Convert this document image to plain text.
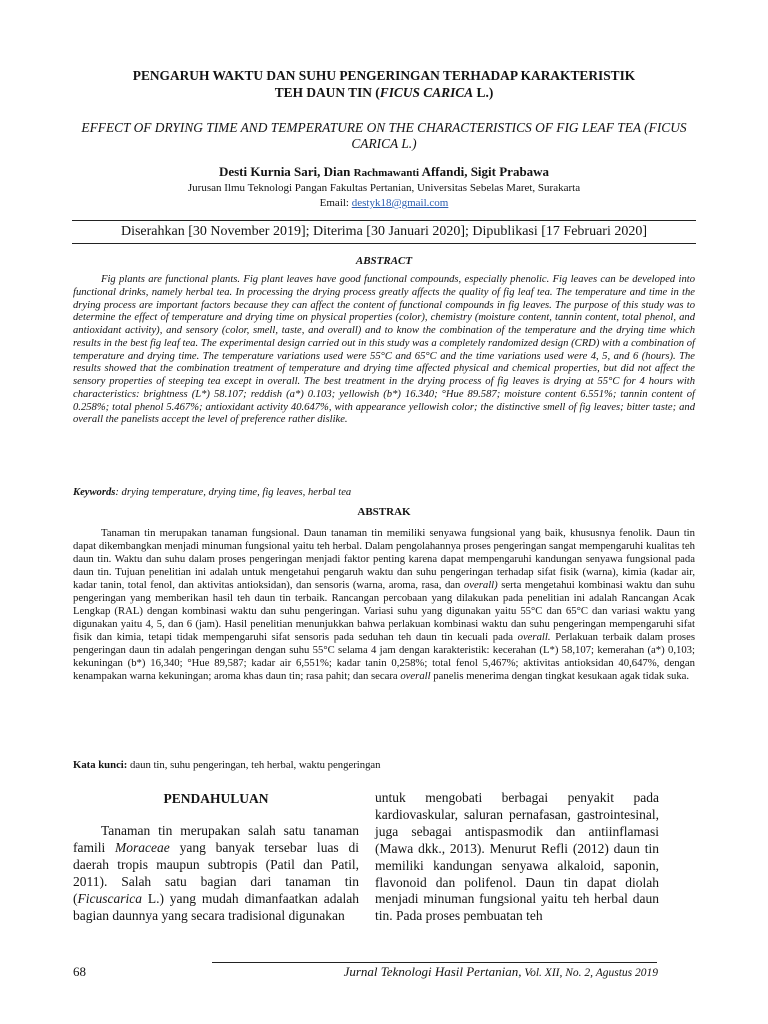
PENGARUH WAKTU DAN SUHU PENGERINGAN TERHADAP KARAKTERISTIK
TEH DAUN TIN (FICUS CARICA L.)
EFFECT OF DRYING TIME AND TEMPERATURE ON THE CHARACTERISTICS OF FIG LEAF TEA (FICUS CARICA L.)
Desti Kurnia Sari, Dian Rachmawanti Affandi, Sigit Prabawa
Jurusan Ilmu Teknologi Pangan Fakultas Pertanian, Universitas Sebelas Maret, Surakarta
Email: destyk18@gmail.com
Diserahkan [30 November 2019]; Diterima [30 Januari 2020]; Dipublikasi [17 Februari 2020]
ABSTRACT

Fig plants are functional plants. Fig plant leaves have good functional compounds, especially phenolic. Fig leaves can be developed into functional drinks, namely herbal tea. In processing the drying process greatly affects the quality of fig leaf tea. The temperature and time in the drying process are important factors because they can affect the content of functional compounds in fig leaves. The purpose of this study was to determine the effect of temperature and drying time on physical properties (color), chemistry (moisture content, tannin content, total phenol, and antioxidant activity), and sensory (color, smell, taste, and overall) and to know the combination of the temperature and the drying time which results in the best fig leaf tea. The experimental design carried out in this study was a completely randomized design (CRD) with a combination of temperature and drying time. The temperature variations used were 55°C and 65°C and the time variations used were 4, 5, and 6 (hours). The results showed that the combination treatment of temperature and drying time affected physical and chemical properties, but did not affect the sensory properties of steeping tea except in overall. The best treatment in the drying process of fig leaves is drying at 55°C for 4 hours with characteristics: brightness (L*) 58.107; reddish (a*) 0.103; yellowish (b*) 16.340; °Hue 89.587; moisture content 6.551%; tannin content of 0.258%; total phenol 5.467%; antioxidant activity 40.647%, with appearance yellowish color; the distinctive smell of fig leaves; bitter taste; and overall the panelists accept the level of preference rather dislike.

Keywords: drying temperature, drying time, fig leaves, herbal tea
ABSTRAK

Tanaman tin merupakan tanaman fungsional. Daun tanaman tin memiliki senyawa fungsional yang baik, khususnya fenolik. Daun tin dapat dikembangkan menjadi minuman fungsional yaitu teh herbal. Dalam pengolahannya proses pengeringan sangat mempengaruhi kualitas teh daun tin. Waktu dan suhu dalam proses pengeringan menjadi faktor penting karena dapat mempengaruhi kandungan senyawa fungsional pada daun tin. Tujuan penelitian ini adalah untuk mengetahui pengaruh waktu dan suhu pengeringan terhadap sifat fisik (warna), kimia (kadar air, kadar tanin, total fenol, dan aktivitas antioksidan), dan sensoris (warna, aroma, rasa, dan overall) serta mengetahui kombinasi waktu dan suhu pengeringan yang memberikan hasil teh daun tin terbaik. Rancangan percobaan yang dilakukan pada penelitian ini adalah Rancangan Acak Lengkap (RAL) dengan kombinasi waktu dan suhu pengeringan. Variasi suhu yang digunakan yaitu 55°C dan 65°C dan variasi waktu yang digunakan yaitu 4, 5, dan 6 (jam). Hasil penelitian menunjukkan bahwa perlakuan kombinasi waktu dan suhu pengeringan mempengaruhi sifat fisik dan kimia, tetapi tidak mempengaruhi sifat sensoris pada seduhan teh daun tin kecuali pada overall. Perlakuan terbaik dalam proses pengeringan daun tin adalah pengeringan dengan suhu 55°C selama 4 jam dengan karakteristik: kecerahan (L*) 58,107; kemerahan (a*) 0,103; kekuningan (b*) 16,340; °Hue 89,587; kadar air 6,551%; kadar tanin 0,258%; total fenol 5,467%; aktivitas antioksidan 40,647%, dengan kenampakan warna kekuningan; aroma khas daun tin; rasa pahit; dan secara overall panelis menerima dengan tingkat kesukaan agak tidak suka.

Kata kunci: daun tin, suhu pengeringan, teh herbal, waktu pengeringan
PENDAHULUAN

Tanaman tin merupakan salah satu tanaman famili Moraceae yang banyak tersebar luas di daerah tropis maupun subtropis (Patil dan Patil, 2011). Salah satu bagian dari tanaman tin (Ficuscarica L.) yang mudah dimanfaatkan adalah bagian daunnya yang secara tradisional digunakan

untuk mengobati berbagai penyakit pada kardiovaskular, saluran pernafasan, gastrointesinal, juga sebagai antispasmodik dan antiinflamasi (Mawa dkk., 2013). Menurut Refli (2012) daun tin memiliki kandungan senyawa alkaloid, saponin, flavonoid dan polifenol. Daun tin dapat diolah menjadi minuman fungsional yaitu teh herbal daun tin. Pada proses pembuatan teh

68	Jurnal Teknologi Hasil Pertanian, Vol. XII, No. 2, Agustus 2019
